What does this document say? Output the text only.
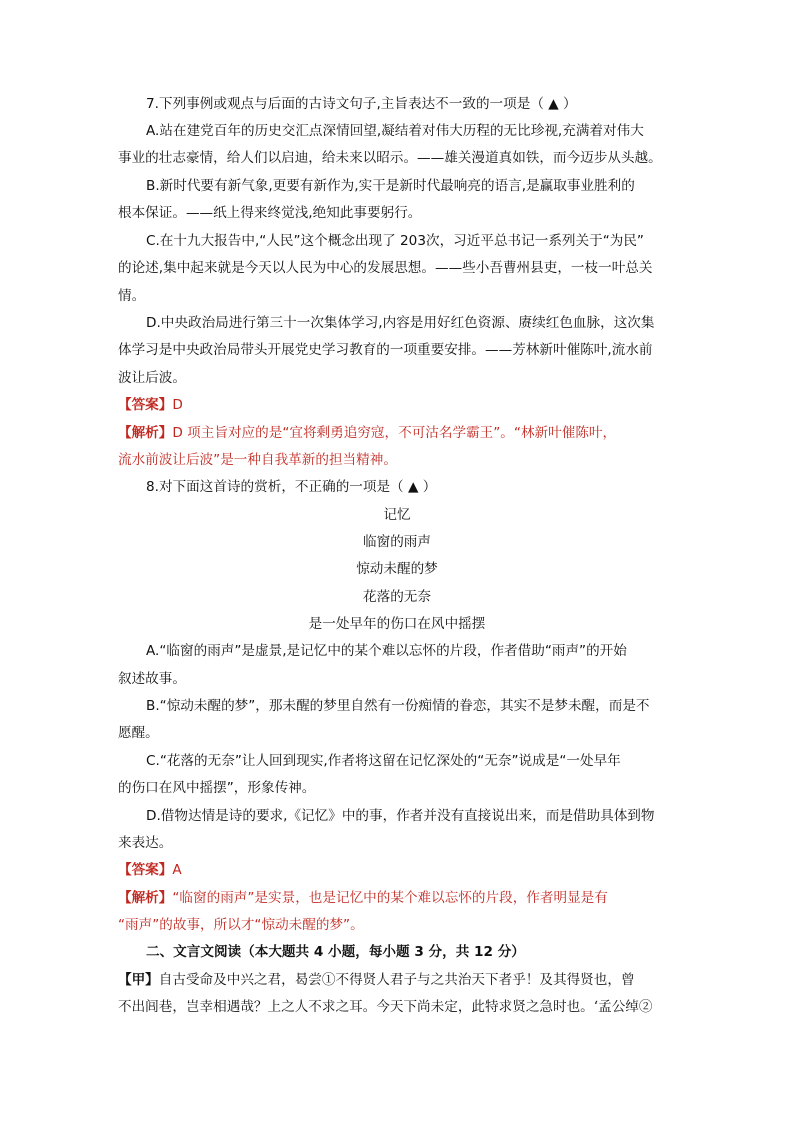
7.下列事例或观点与后面的古诗文句子,主旨表达不一致的一项是（ ▲ ）
A.站在建党百年的历史交汇点深情回望,凝结着对伟大历程的无比珍视,充满着对伟大
事业的壮志豪情，给人们以启迪，给未来以昭示。——雄关漫道真如铁，而今迈步从头越。
B.新时代要有新气象,更要有新作为,实干是新时代最响亮的语言,是赢取事业胜利的
根本保证。——纸上得来终觉浅,绝知此事要躬行。
C.在十九大报告中,“人民”这个概念出现了 203次，习近平总书记一系列关于“为民”
的论述,集中起来就是今天以人民为中心的发展思想。——些小吾曹州县吏，一枝一叶总关
情。
D.中央政治局进行第三十一次集体学习,内容是用好红色资源、赓续红色血脉，这次集
体学习是中央政治局带头开展党史学习教育的一项重要安排。——芳林新叶催陈叶,流水前
波让后波。
【答案】D
【解析】D 项主旨对应的是“宜将剩勇追穷寇，不可沽名学霸王”。“林新叶催陈叶，
流水前波让后波”是一种自我革新的担当精神。
8.对下面这首诗的赏析，不正确的一项是（ ▲ ）
记忆
临窗的雨声
惊动未醒的梦
花落的无奈
是一处早年的伤口在风中摇摆
A.“临窗的雨声”是虚景,是记忆中的某个难以忘怀的片段，作者借助“雨声”的开始
叙述故事。
B.“惊动未醒的梦”，那未醒的梦里自然有一份痴情的眷恋，其实不是梦未醒，而是不
愿醒。
C.“花落的无奈”让人回到现实,作者将这留在记忆深处的“无奈”说成是“一处早年
的伤口在风中摇摆”，形象传神。
D.借物达情是诗的要求,《记忆》中的事，作者并没有直接说出来，而是借助具体到物
来表达。
【答案】A
【解析】“临窗的雨声”是实景，也是记忆中的某个难以忘怀的片段，作者明显是有
“雨声”的故事，所以才“惊动未醒的梦”。
二、文言文阅读（本大题共 4 小题，每小题 3 分，共 12 分）
【甲】自古受命及中兴之君，曷尝①不得贤人君子与之共治天下者乎！及其得贤也，曾
不出闾巷，岂幸相遇哉？上之人不求之耳。今天下尚未定，此特求贤之急时也。‘孟公绰②
